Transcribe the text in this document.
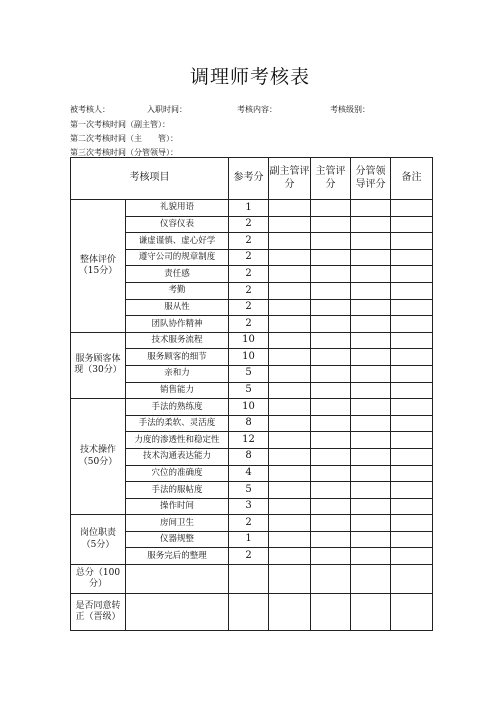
调理师考核表
被考核人：	入职时间：	考核内容：	考核级别：
第一次考核时间（副主管）：
第二次考核时间（主　　管）：
第三次考核时间（分管领导）：
考核项目		参考分	副主管评分	主管评分	分管领导评分	备注
整体评价（15分）	礼貌用语	1				
	仪容仪表	2				
	谦虚谨慎、虚心好学	2				
	遵守公司的规章制度	2				
	责任感	2				
	考勤	2				
	服从性	2				
	团队协作精神	2				
服务顾客体现（30分）	技术服务流程	10				
	服务顾客的细节	10				
	亲和力	5				
	销售能力	5				
技术操作（50分）	手法的熟练度	10				
	手法的柔软、灵活度	8				
	力度的渗透性和稳定性	12				
	技术沟通表达能力	8				
	穴位的准确度	4				
	手法的服帖度	5				
	操作时间	3				
岗位职责（5分）	房间卫生	2				
	仪器规整	1				
	服务完后的整理	2				
总分（100分）						
是否同意转正（晋级）						
